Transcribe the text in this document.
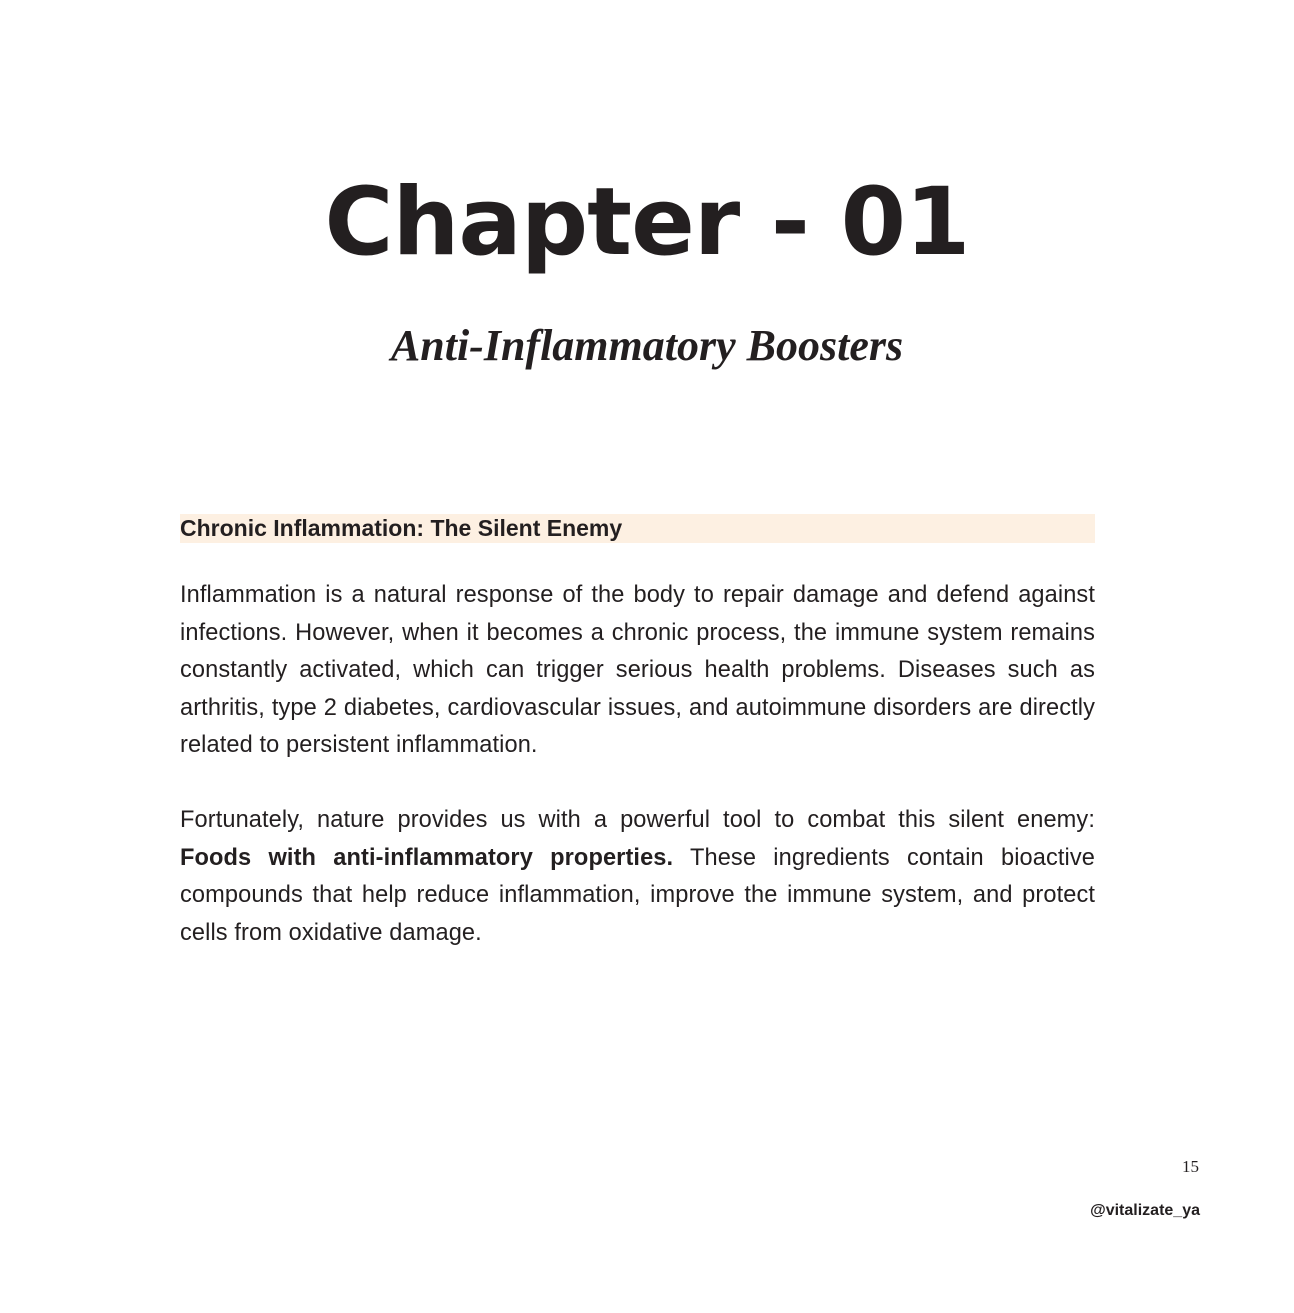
Chapter - 01
Anti-Inflammatory Boosters
Chronic Inflammation: The Silent Enemy

Inflammation is a natural response of the body to repair damage and defend against infections. However, when it becomes a chronic process, the immune system remains constantly activated, which can trigger serious health problems. Diseases such as arthritis, type 2 diabetes, cardiovascular issues, and autoimmune disorders are directly related to persistent inflammation.

Fortunately, nature provides us with a powerful tool to combat this silent enemy: Foods with anti-inflammatory properties. These ingredients contain bioactive compounds that help reduce inflammation, improve the immune system, and protect cells from oxidative damage.

15
@vitalizate_ya
